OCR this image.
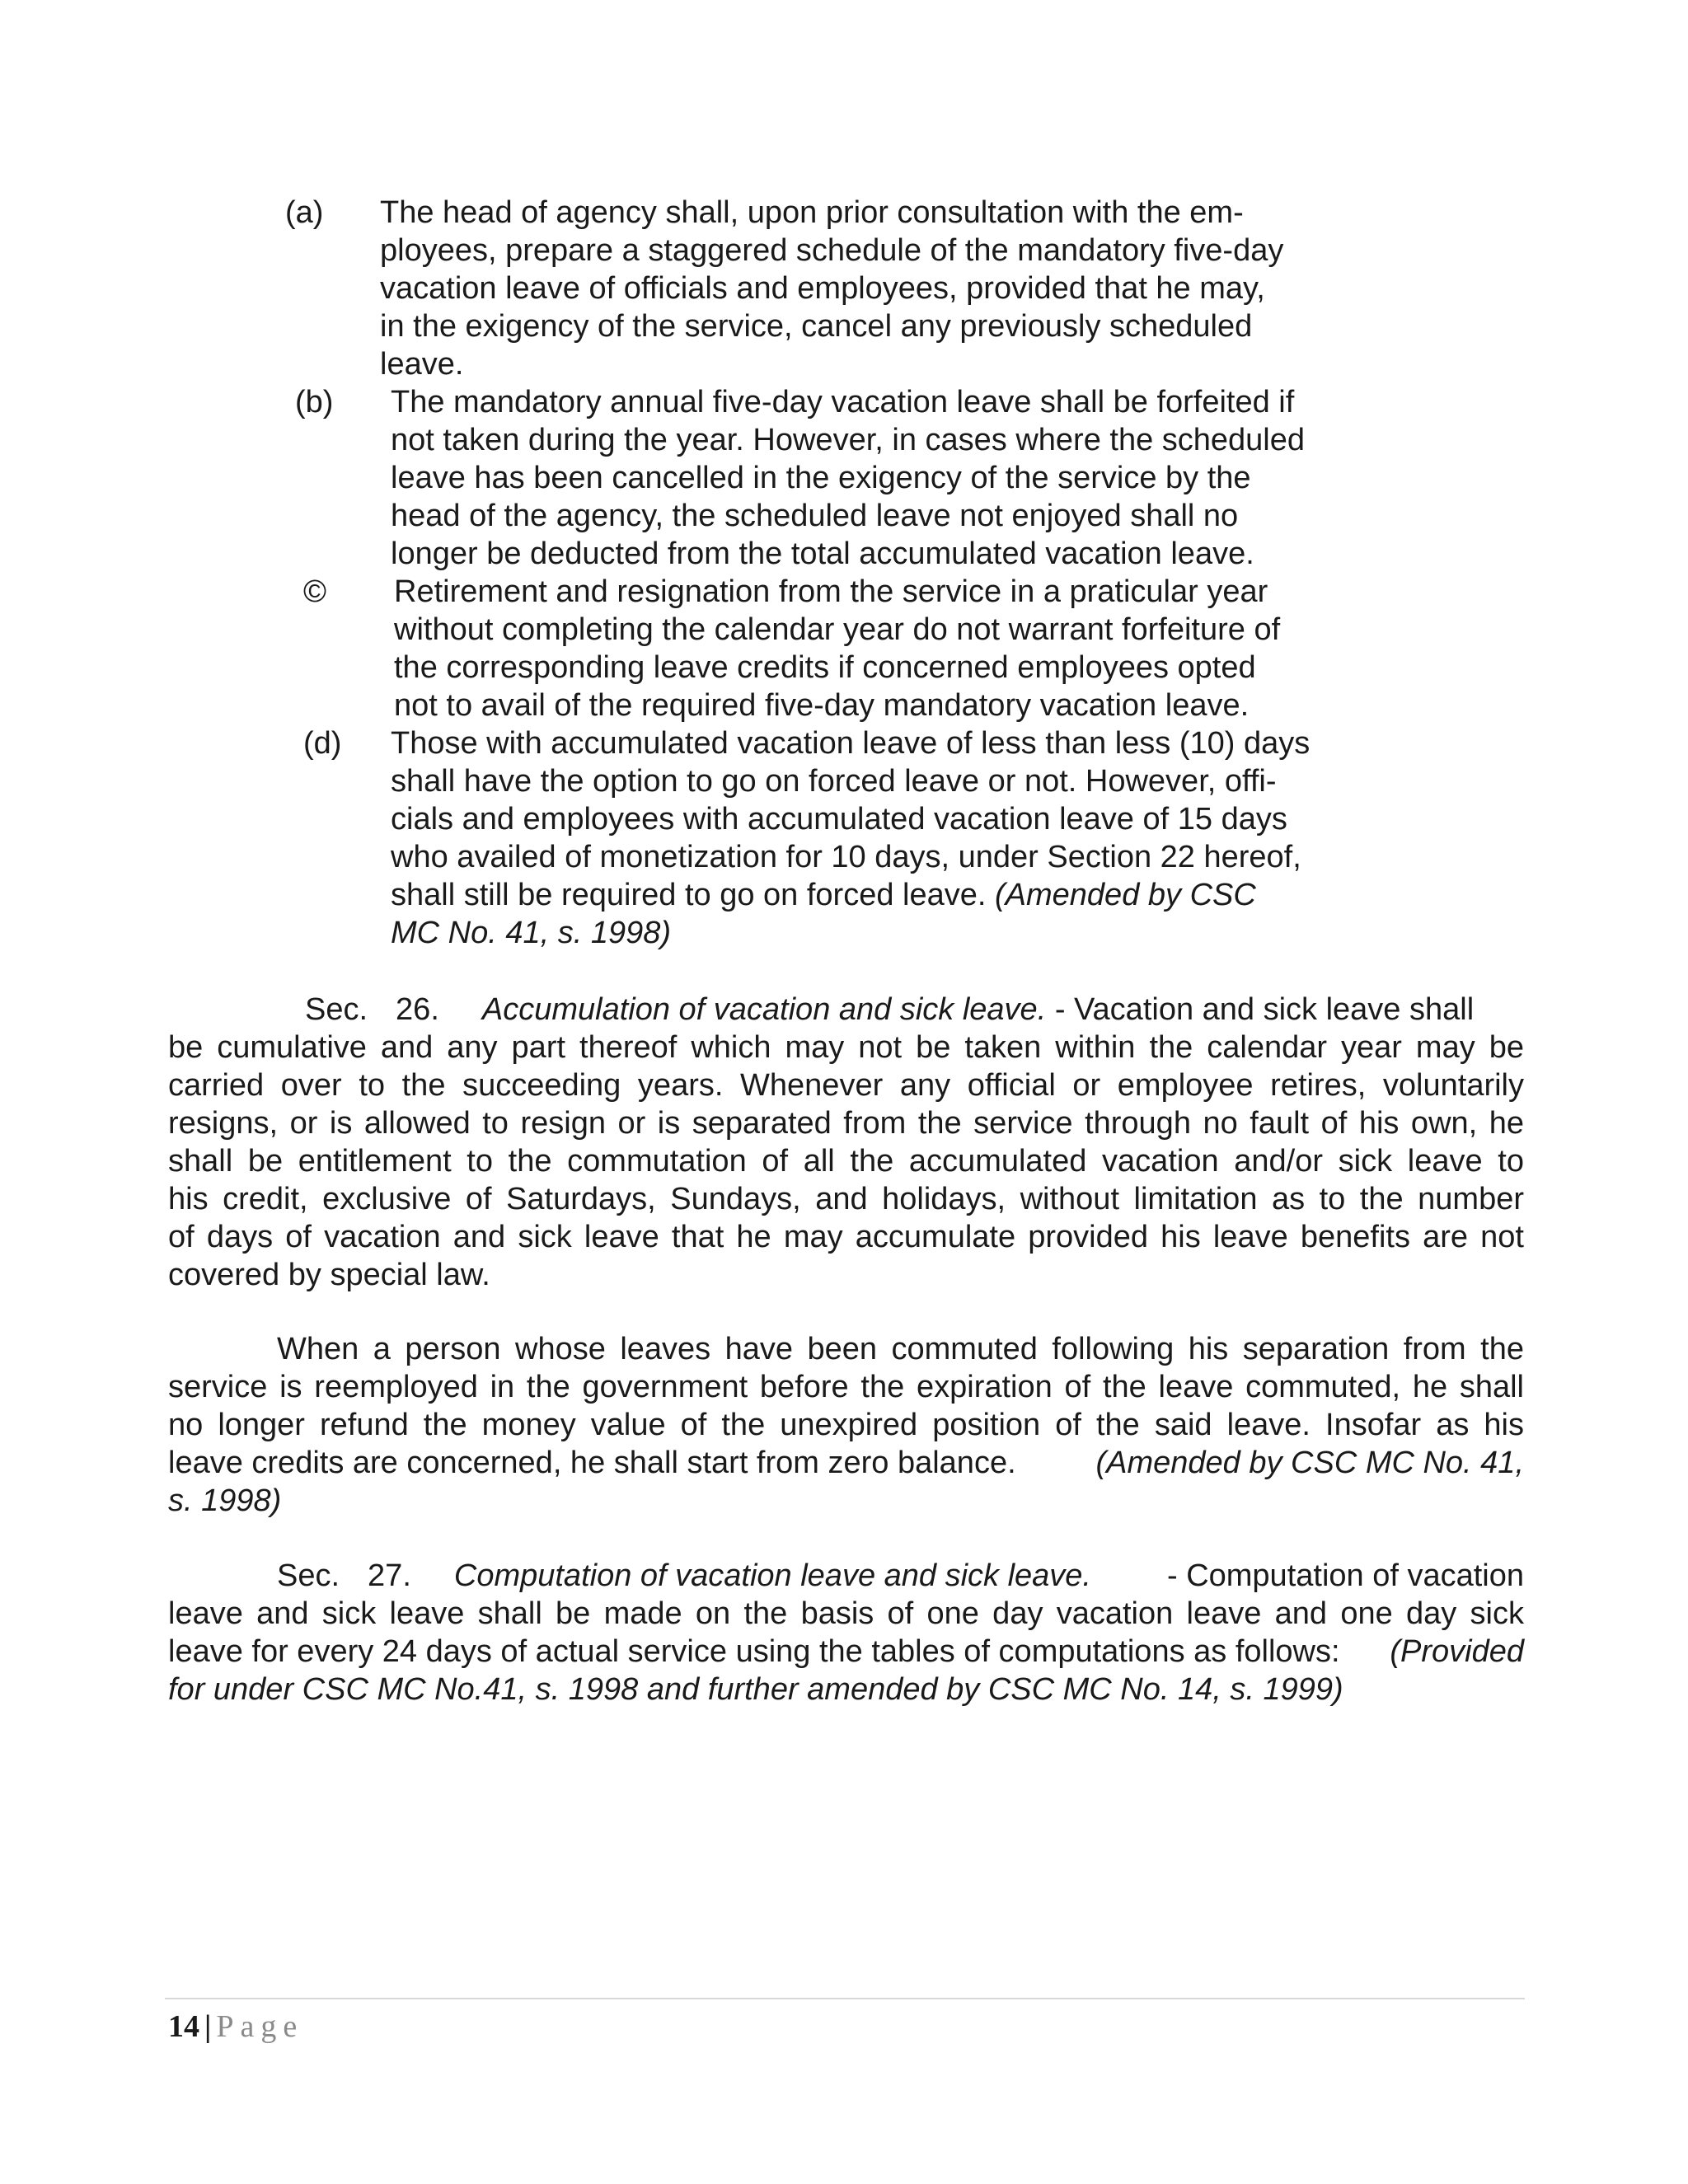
(a) The head of agency shall, upon prior consultation with the em-
ployees, prepare a staggered schedule of the mandatory five-day
vacation leave of officials and employees, provided that he may,
in the exigency of the service, cancel any previously scheduled
leave.
(b) The mandatory annual five-day vacation leave shall be forfeited if
not taken during the year. However, in cases where the scheduled
leave has been cancelled in the exigency of the service by the
head of the agency, the scheduled leave not enjoyed shall no
longer be deducted from the total accumulated vacation leave.
© Retirement and resignation from the service in a praticular year
without completing the calendar year do not warrant forfeiture of
the corresponding leave credits if concerned employees opted
not to avail of the required five-day mandatory vacation leave.
(d) Those with accumulated vacation leave of less than less (10) days
shall have the option to go on forced leave or not. However, offi-
cials and employees with accumulated vacation leave of 15 days
who availed of monetization for 10 days, under Section 22 hereof,
shall still be required to go on forced leave. (Amended by CSC
MC No. 41, s. 1998)
Sec. 26. Accumulation of vacation and sick leave. - Vacation and sick leave shall
be cumulative and any part thereof which may not be taken within the calendar year may be
carried over to the succeeding years. Whenever any official or employee retires, voluntarily
resigns, or is allowed to resign or is separated from the service through no fault of his own, he
shall be entitlement to the commutation of all the accumulated vacation and/or sick leave to
his credit, exclusive of Saturdays, Sundays, and holidays, without limitation as to the number
of days of vacation and sick leave that he may accumulate provided his leave benefits are not
covered by special law.
When a person whose leaves have been commuted following his separation from the
service is reemployed in the government before the expiration of the leave commuted, he shall
no longer refund the money value of the unexpired position of the said leave. Insofar as his
leave credits are concerned, he shall start from zero balance.	(Amended by CSC MC No. 41,
s. 1998)
Sec. 27. Computation of vacation leave and sick leave. - Computation of vacation
leave and sick leave shall be made on the basis of one day vacation leave and one day sick
leave for every 24 days of actual service using the tables of computations as follows: (Provided
for under CSC MC No.41, s. 1998 and further amended by CSC MC No. 14, s. 1999)
14 | Page
